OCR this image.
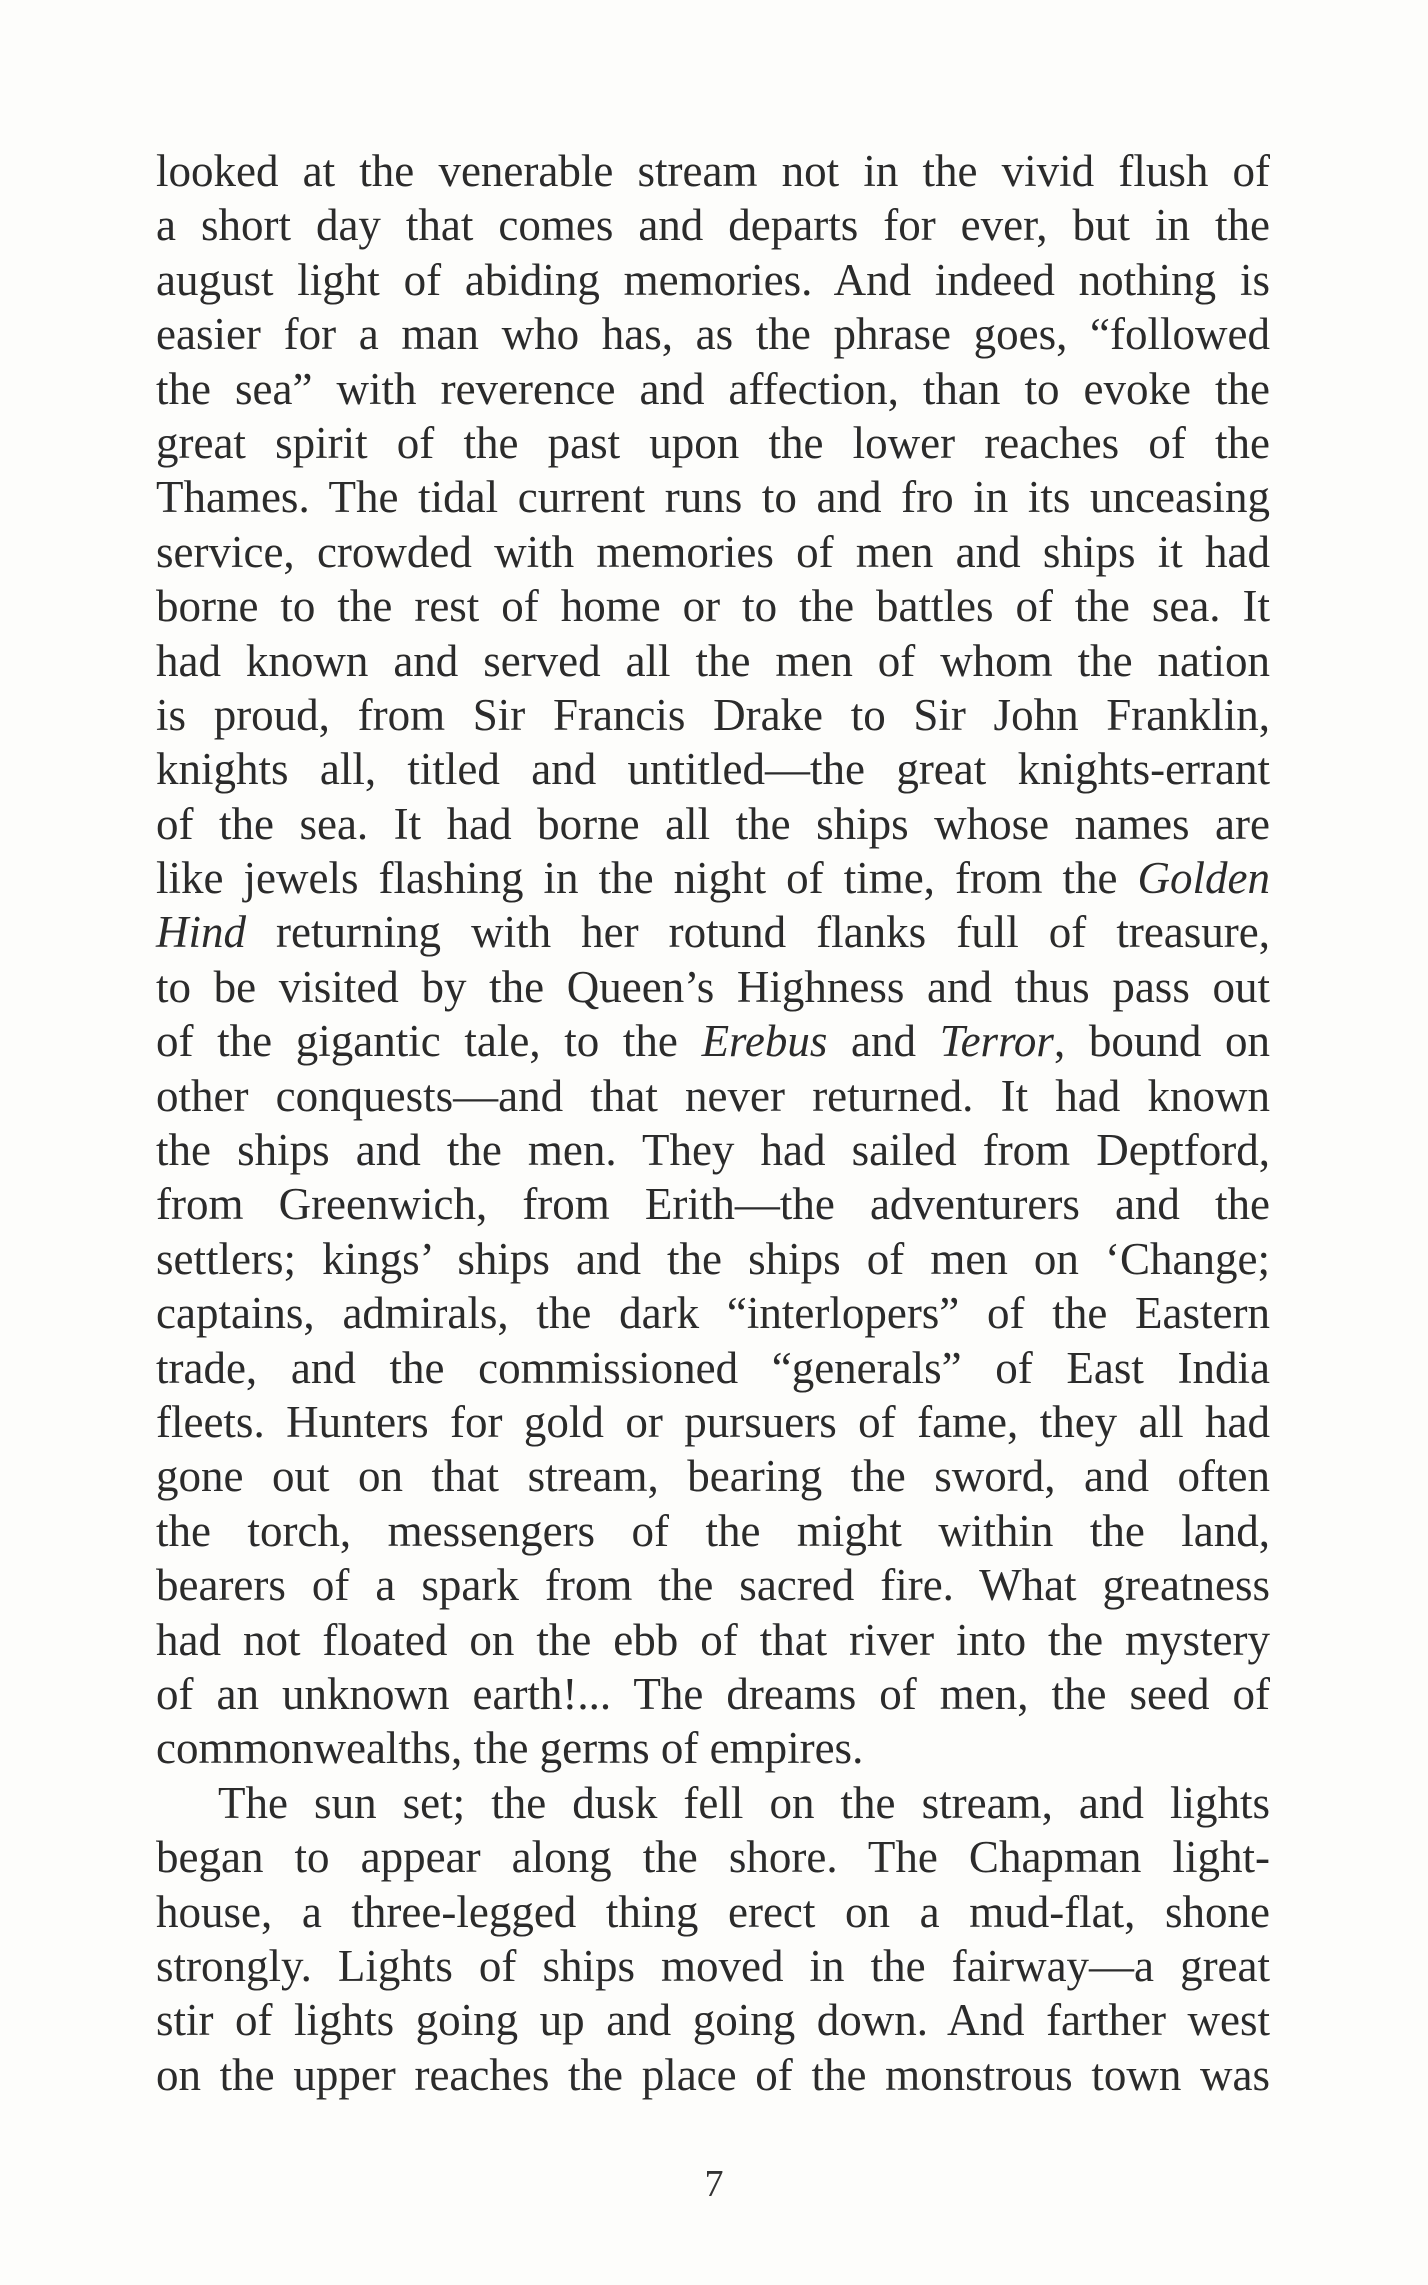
looked at the venerable stream not in the vivid flush of
a short day that comes and departs for ever, but in the
august light of abiding memories. And indeed nothing is
easier for a man who has, as the phrase goes, “followed
the sea” with reverence and affection, than to evoke the
great spirit of the past upon the lower reaches of the
Thames. The tidal current runs to and fro in its unceasing
service, crowded with memories of men and ships it had
borne to the rest of home or to the battles of the sea. It
had known and served all the men of whom the nation
is proud, from Sir Francis Drake to Sir John Franklin,
knights all, titled and untitled—the great knights-errant
of the sea. It had borne all the ships whose names are
like jewels flashing in the night of time, from the Golden
Hind returning with her rotund flanks full of treasure,
to be visited by the Queen’s Highness and thus pass out
of the gigantic tale, to the Erebus and Terror, bound on
other conquests—and that never returned. It had known
the ships and the men. They had sailed from Deptford,
from Greenwich, from Erith—the adventurers and the
settlers; kings’ ships and the ships of men on ‘Change;
captains, admirals, the dark “interlopers” of the Eastern
trade, and the commissioned “generals” of East India
fleets. Hunters for gold or pursuers of fame, they all had
gone out on that stream, bearing the sword, and often
the torch, messengers of the might within the land,
bearers of a spark from the sacred fire. What greatness
had not floated on the ebb of that river into the mystery
of an unknown earth!... The dreams of men, the seed of
commonwealths, the germs of empires.
The sun set; the dusk fell on the stream, and lights
began to appear along the shore. The Chapman light-
house, a three-legged thing erect on a mud-flat, shone
strongly. Lights of ships moved in the fairway—a great
stir of lights going up and going down. And farther west
on the upper reaches the place of the monstrous town was
7
